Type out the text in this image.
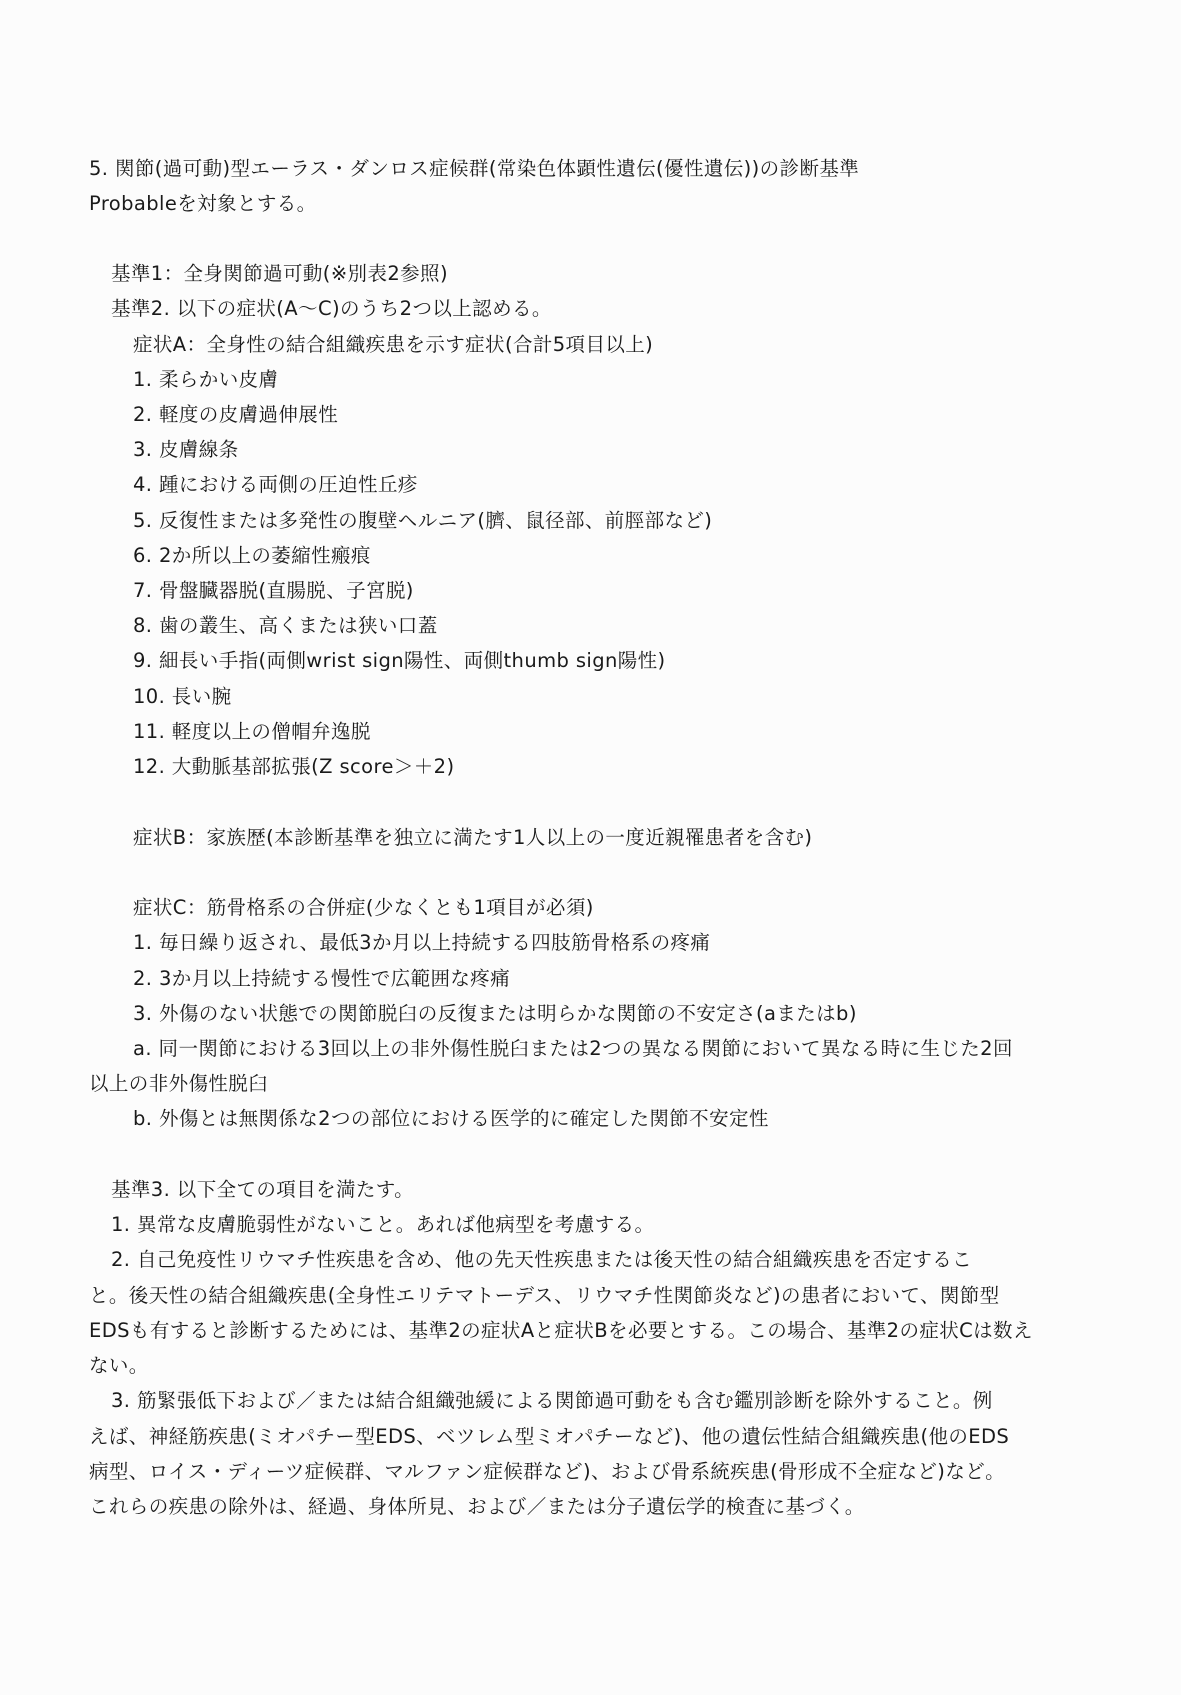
5. 関節(過可動)型エーラス・ダンロス症候群(常染色体顕性遺伝(優性遺伝))の診断基準
Probableを対象とする。
基準1：全身関節過可動(※別表2参照)
基準2. 以下の症状(A〜C)のうち2つ以上認める。
症状A：全身性の結合組織疾患を示す症状(合計5項目以上)
1. 柔らかい皮膚
2. 軽度の皮膚過伸展性
3. 皮膚線条
4. 踵における両側の圧迫性丘疹
5. 反復性または多発性の腹壁ヘルニア(臍、鼠径部、前脛部など)
6. 2か所以上の萎縮性瘢痕
7. 骨盤臓器脱(直腸脱、子宮脱)
8. 歯の叢生、高くまたは狭い口蓋
9. 細長い手指(両側wrist sign陽性、両側thumb sign陽性)
10. 長い腕
11. 軽度以上の僧帽弁逸脱
12. 大動脈基部拡張(Z score＞＋2)
症状B：家族歴(本診断基準を独立に満たす1人以上の一度近親罹患者を含む)
症状C：筋骨格系の合併症(少なくとも1項目が必須)
1. 毎日繰り返され、最低3か月以上持続する四肢筋骨格系の疼痛
2. 3か月以上持続する慢性で広範囲な疼痛
3. 外傷のない状態での関節脱臼の反復または明らかな関節の不安定さ(aまたはb)
a. 同一関節における3回以上の非外傷性脱臼または2つの異なる関節において異なる時に生じた2回
以上の非外傷性脱臼
b. 外傷とは無関係な2つの部位における医学的に確定した関節不安定性
基準3. 以下全ての項目を満たす。
1. 異常な皮膚脆弱性がないこと。あれば他病型を考慮する。
2. 自己免疫性リウマチ性疾患を含め、他の先天性疾患または後天性の結合組織疾患を否定するこ
と。後天性の結合組織疾患(全身性エリテマトーデス、リウマチ性関節炎など)の患者において、関節型
EDSも有すると診断するためには、基準2の症状Aと症状Bを必要とする。この場合、基準2の症状Cは数え
ない。
3. 筋緊張低下および／または結合組織弛緩による関節過可動をも含む鑑別診断を除外すること。例
えば、神経筋疾患(ミオパチー型EDS、ベツレム型ミオパチーなど)、他の遺伝性結合組織疾患(他のEDS
病型、ロイス・ディーツ症候群、マルファン症候群など)、および骨系統疾患(骨形成不全症など)など。
これらの疾患の除外は、経過、身体所見、および／または分子遺伝学的検査に基づく。
